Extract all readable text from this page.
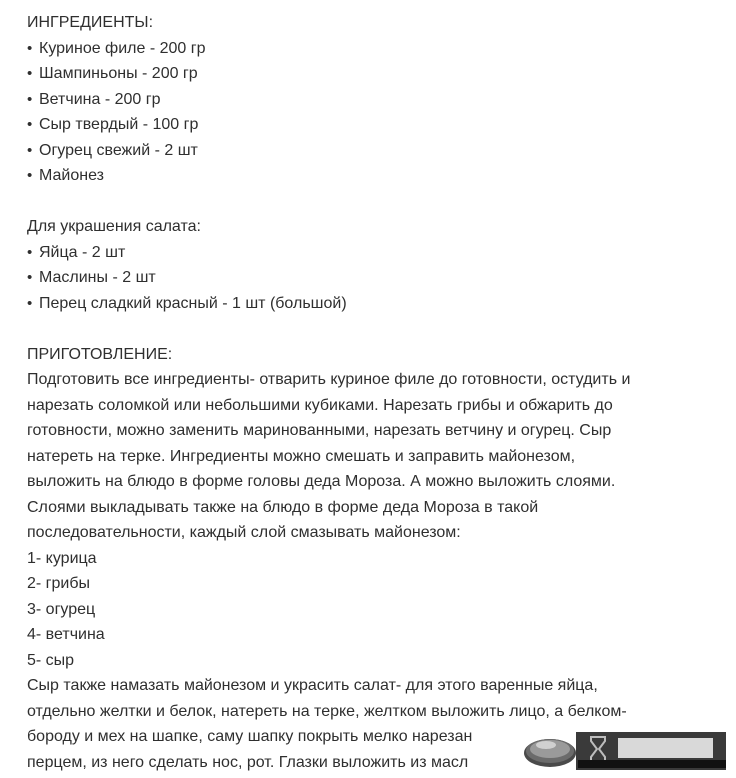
ИНГРЕДИЕНТЫ:
• Куриное филе - 200 гр
• Шампиньоны - 200 гр
• Ветчина - 200 гр
• Сыр твердый - 100 гр
• Огурец свежий - 2 шт
• Майонез
Для украшения салата:
• Яйца - 2 шт
• Маслины - 2 шт
• Перец сладкий красный - 1 шт (большой)
ПРИГОТОВЛЕНИЕ:
Подготовить все ингредиенты- отварить куриное филе до готовности, остудить и
нарезать соломкой или небольшими кубиками. Нарезать грибы и обжарить до
готовности, можно заменить маринованными, нарезать ветчину и огурец. Сыр
натереть на терке. Ингредиенты можно смешать и заправить майонезом,
выложить на блюдо в форме головы деда Мороза. А можно выложить слоями.
Слоями выкладывать также на блюдо в форме деда Мороза в такой
последовательности, каждый слой смазывать майонезом:
1- курица
2- грибы
3- огурец
4- ветчина
5- сыр
Сыр также намазать майонезом и украсить салат- для этого варенные яйца,
отдельно желтки и белок, натереть на терке, желтком выложить лицо, а белком-
бороду и мех на шапке, саму шапку покрыть мелко нарезан
перцем, из него сделать нос, рот. Глазки выложить из масл
